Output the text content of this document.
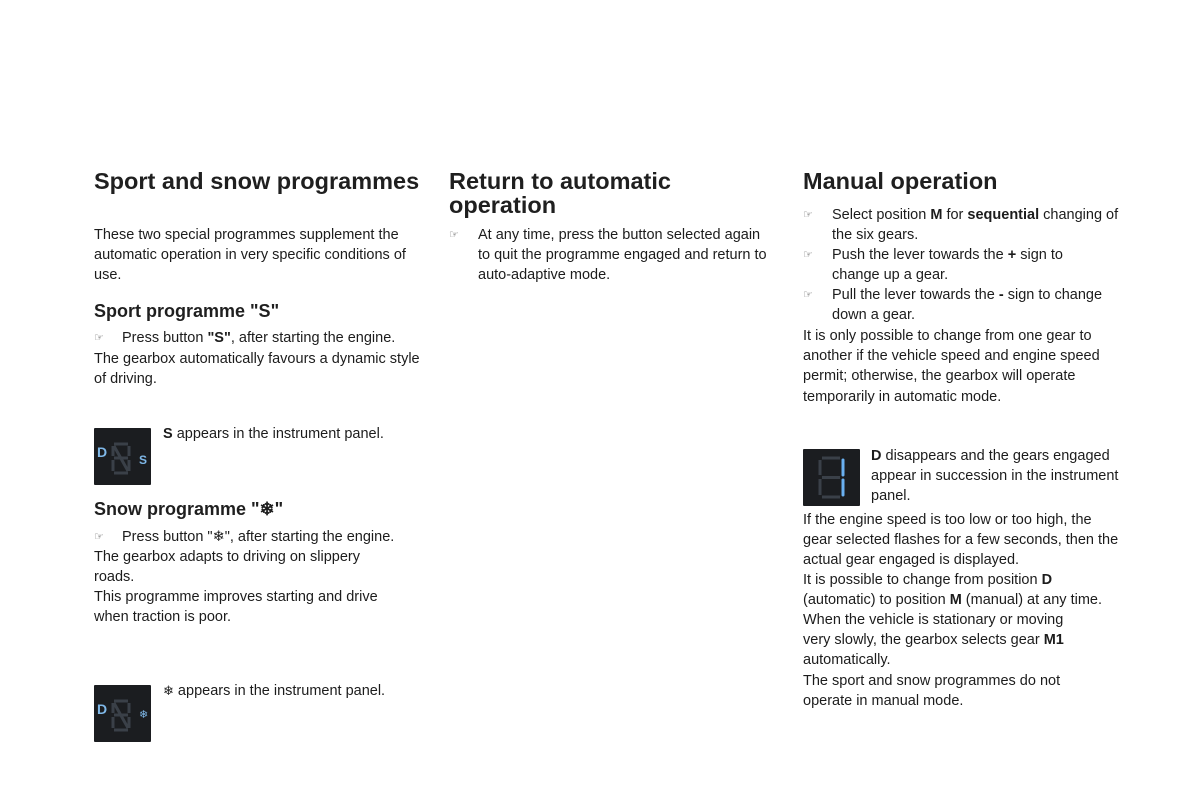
Sport and snow programmes

These two special programmes supplement the automatic operation in very specific conditions of use.

Sport programme "S"
☞	Press button "S", after starting the engine.

The gearbox automatically favours a dynamic style of driving.

D	S
S appears in the instrument panel.
Snow programme "❄"
☞	Press button "❄", after starting the engine.

The gearbox adapts to driving on slippery roads.

This programme improves starting and drive when traction is poor.

D	❄
❄ appears in the instrument panel.
Return to automatic operation
☞	At any time, press the button selected again to quit the programme engaged and return to auto-adaptive mode.
Manual operation
☞	Select position M for sequential changing of the six gears.
☞	Push the lever towards the + sign to change up a gear.
☞	Pull the lever towards the - sign to change down a gear.

It is only possible to change from one gear to another if the vehicle speed and engine speed permit; otherwise, the gearbox will operate temporarily in automatic mode.

D disappears and the gears engaged appear in succession in the instrument panel.

If the engine speed is too low or too high, the gear selected flashes for a few seconds, then the actual gear engaged is displayed.

It is possible to change from position D (automatic) to position M (manual) at any time.

When the vehicle is stationary or moving very slowly, the gearbox selects gear M1 automatically.

The sport and snow programmes do not operate in manual mode.
